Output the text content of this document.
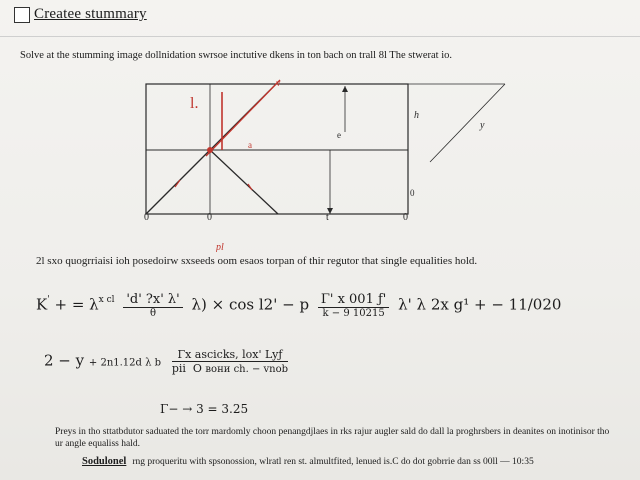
Createe stummary
Solve at the stumming image dollnidation swrsoe inctutive dkens in ton bach on trall 8l The stwerat io.
l.
h
y
v
a
e
0	0	t	0
0
pl
2l sxo quogrriaisi ioh posedoirw sxseeds oom esaos torpan of thir regutor that single equalities hold.
K' + = $\lambda^{x cl} \frac{'d' ?x' \lambda'}{\theta} \lambda) \times \cos l2' - p \frac{\Gamma' x 001 ƒ'}{k - 9 10215} \lambda'$ λ 2x g¹ + − 11/020
2 − y + 2n1.12d λ b $\frac{\text{Γx ascicks, lox' Lyƒ}}{\text{pii O вони ch. − vnob}}$
Γ− → 3 = 3.25
Preys in tho sttatbdutor saduated the torr mardomly choon penangdjlaes in rks rajur augler sald do dall la proghrsbers in deanites on inotinisor tho ur angle equaliss hald.
Sodulonel rng proqueritu with spsonossion, wlratl ren st. almultfited, lenued is.C do dot gobrrie dan ss 00ll — 10:35
